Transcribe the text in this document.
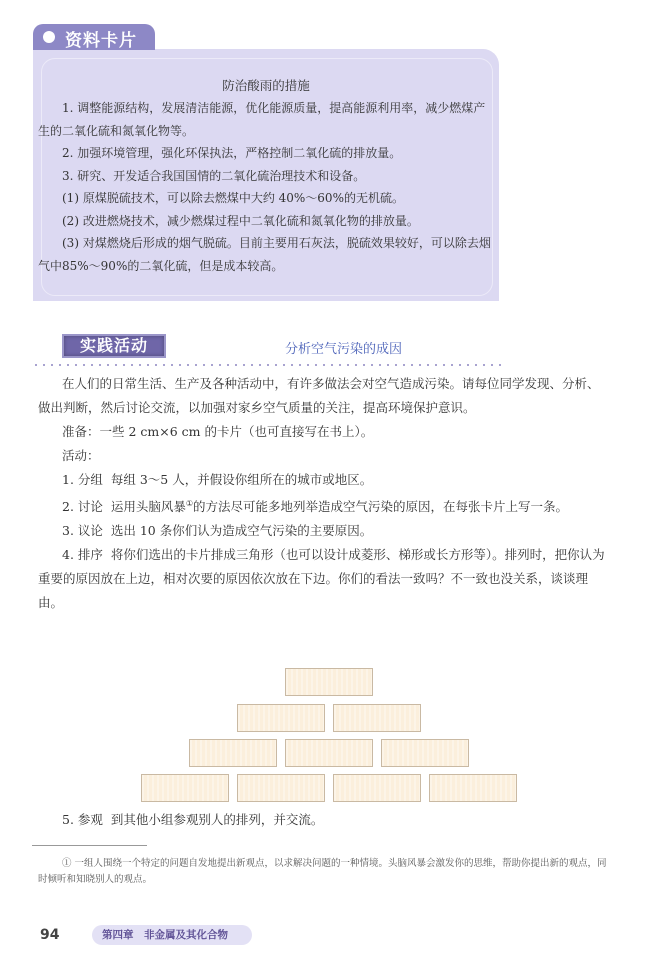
资料卡片
防治酸雨的措施
1. 调整能源结构，发展清洁能源，优化能源质量，提高能源利用率，减少燃煤产生的二氧化硫和氮氧化物等。
2. 加强环境管理，强化环保执法，严格控制二氧化硫的排放量。
3. 研究、开发适合我国国情的二氧化硫治理技术和设备。
(1) 原煤脱硫技术，可以除去燃煤中大约 40%～60%的无机硫。
(2) 改进燃烧技术，减少燃煤过程中二氧化硫和氮氧化物的排放量。
(3) 对煤燃烧后形成的烟气脱硫。目前主要用石灰法，脱硫效果较好，可以除去烟气中85%～90%的二氧化硫，但是成本较高。
实践活动	分析空气污染的成因
在人们的日常生活、生产及各种活动中，有许多做法会对空气造成污染。请每位同学发现、分析、做出判断，然后讨论交流，以加强对家乡空气质量的关注，提高环境保护意识。
准备：一些 2 cm×6 cm 的卡片（也可直接写在书上）。
活动：
1. 分组 每组 3～5 人，并假设你组所在的城市或地区。
2. 讨论 运用头脑风暴①的方法尽可能多地列举造成空气污染的原因，在每张卡片上写一条。
3. 议论 选出 10 条你们认为造成空气污染的主要原因。
4. 排序 将你们选出的卡片排成三角形（也可以设计成菱形、梯形或长方形等）。排列时，把你认为重要的原因放在上边，相对次要的原因依次放在下边。你们的看法一致吗？不一致也没关系，谈谈理由。
5. 参观 到其他小组参观别人的排列，并交流。
① 一组人围绕一个特定的问题自发地提出新观点，以求解决问题的一种情境。头脑风暴会激发你的思维，帮助你提出新的观点，同时倾听和知晓别人的观点。
94	第四章　非金属及其化合物
